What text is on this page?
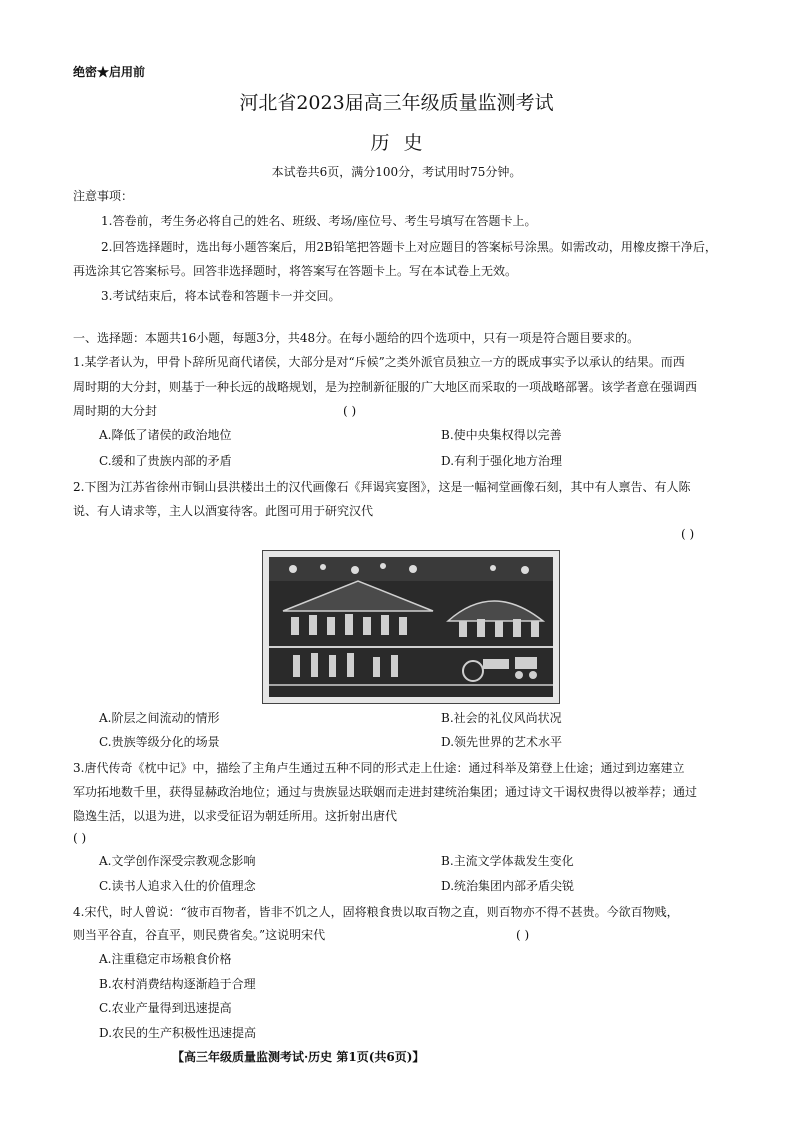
绝密★启用前
河北省2023届高三年级质量监测考试
历史
本试卷共6页，满分100分，考试用时75分钟。
注意事项：
1.答卷前，考生务必将自己的姓名、班级、考场/座位号、考生号填写在答题卡上。
2.回答选择题时，选出每小题答案后，用2B铅笔把答题卡上对应题目的答案标号涂黑。如需改动，用橡皮擦干净后，
再选涂其它答案标号。回答非选择题时，将答案写在答题卡上。写在本试卷上无效。
3.考试结束后，将本试卷和答题卡一并交回。
一、选择题：本题共16小题，每题3分，共48分。在每小题给的四个选项中，只有一项是符合题目要求的。
1.某学者认为，甲骨卜辞所见商代诸侯，大部分是对“斥候”之类外派官员独立一方的既成事实予以承认的结果。而西
周时期的大分封，则基于一种长远的战略规划，是为控制新征服的广大地区而采取的一项战略部署。该学者意在强调西
周时期的大分封	( )
A.降低了诸侯的政治地位	B.使中央集权得以完善
C.缓和了贵族内部的矛盾	D.有利于强化地方治理
2.下图为江苏省徐州市铜山县洪楼出土的汉代画像石《拜谒宾宴图》，这是一幅祠堂画像石刻，其中有人禀告、有人陈
说、有人请求等，主人以酒宴待客。此图可用于研究汉代
( )
A.阶层之间流动的情形	B.社会的礼仪风尚状况
C.贵族等级分化的场景	D.领先世界的艺术水平
3.唐代传奇《枕中记》中，描绘了主角卢生通过五种不同的形式走上仕途：通过科举及第登上仕途；通过到边塞建立
军功拓地数千里，获得显赫政治地位；通过与贵族显达联姻而走进封建统治集团；通过诗文干谒权贵得以被举荐；通过
隐逸生活，以退为进，以求受征诏为朝廷所用。这折射出唐代
( )
A.文学创作深受宗教观念影响	B.主流文学体裁发生变化
C.读书人追求入仕的价值理念	D.统治集团内部矛盾尖锐
4.宋代，时人曾说：“彼市百物者，皆非不饥之人，固将粮食贵以取百物之直，则百物亦不得不甚贵。今欲百物贱，
则当平谷直，谷直平，则民费省矣。”这说明宋代	( )
A.注重稳定市场粮食价格
B.农村消费结构逐渐趋于合理
C.农业产量得到迅速提高
D.农民的生产积极性迅速提高
【高三年级质量监测考试·历史 第1页(共6页)】
